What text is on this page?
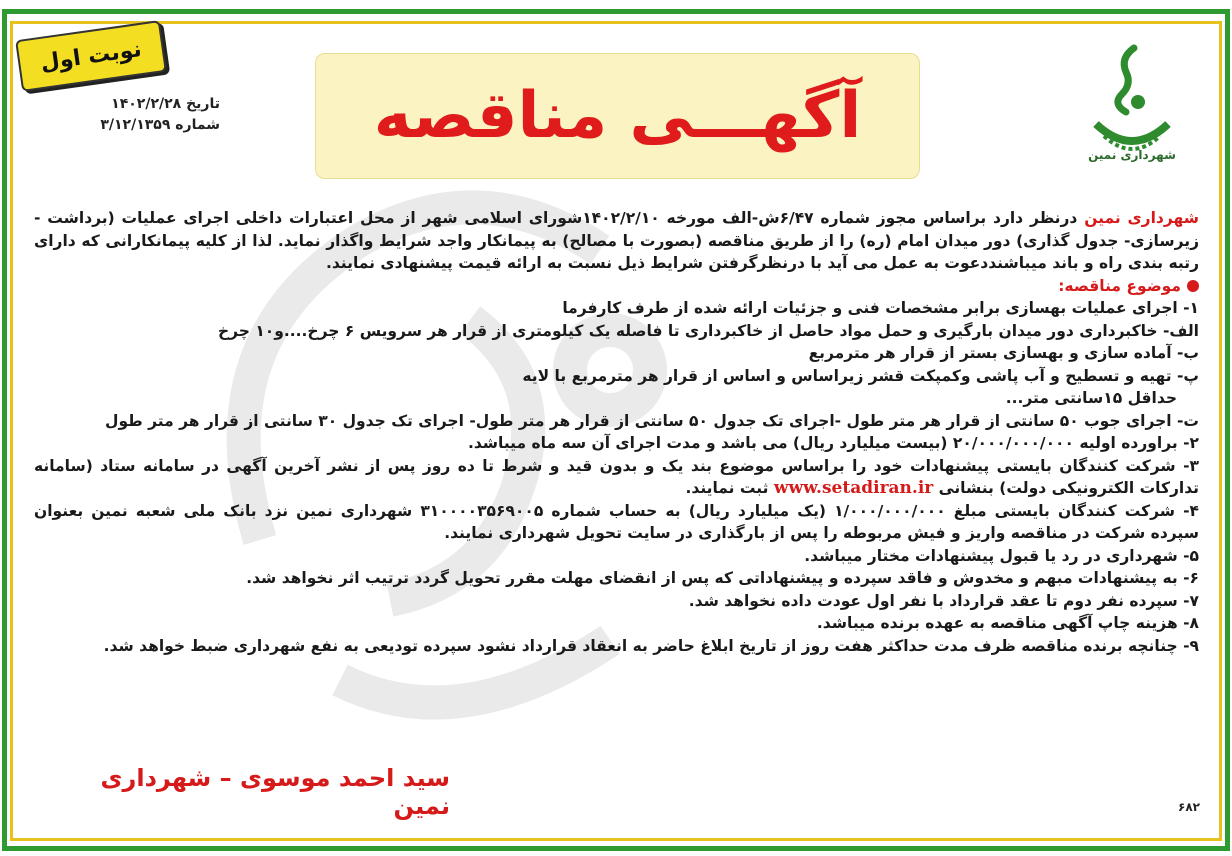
نوبت اول
تاریخ ۱۴۰۲/۲/۲۸
شماره ۳/۱۲/۱۳۵۹ آگهـــی مناقصه
شهرداری نمین

شهرداری نمین درنظر دارد براساس مجوز شماره ۶/۴۷ش-الف مورخه ۱۴۰۲/۲/۱۰شورای اسلامی شهر از محل اعتبارات داخلی اجرای عملیات (برداشت - زیرسازی- جدول گذاری) دور میدان امام (ره) را از طریق مناقصه (بصورت با مصالح) به پیمانکار واجد شرایط واگذار نماید. لذا از کلیه پیمانکارانی که دارای رتبه بندی راه و باند میباشنددعوت به عمل می آید با درنظرگرفتن شرایط ذیل نسبت به ارائه قیمت پیشنهادی نمایند.

موضوع مناقصه:

۱- اجرای عملیات بهسازی برابر مشخصات فنی و جزئیات ارائه شده از طرف کارفرما

الف- خاکبرداری دور میدان بارگیری و حمل مواد حاصل از خاکبرداری تا فاصله یک کیلومتری از قرار هر سرویس ۶ چرخ....و۱۰ چرخ

ب- آماده سازی و بهسازی بستر از قرار هر مترمربع

پ- تهیه و تسطیح و آب پاشی وکمپکت قشر زیراساس و اساس از قرار هر مترمربع با لایه

حداقل ۱۵سانتی متر...

ت- اجرای جوب ۵۰ سانتی از قرار هر متر طول -اجرای تک جدول ۵۰ سانتی از قرار هر متر طول- اجرای تک جدول ۳۰ سانتی از قرار هر متر طول

۲- براورده اولیه ۲۰/۰۰۰/۰۰۰/۰۰۰ (بیست میلیارد ریال) می باشد و مدت اجرای آن سه ماه میباشد.

۳- شرکت کنندگان بایستی پیشنهادات خود را براساس موضوع بند یک و بدون قید و شرط تا ده روز پس از نشر آخرین آگهی در سامانه ستاد (سامانه تدارکات الکترونیکی دولت) بنشانی www.setadiran.ir ثبت نمایند.

۴- شرکت کنندگان بایستی مبلغ ۱/۰۰۰/۰۰۰/۰۰۰ (یک میلیارد ریال) به حساب شماره ۳۱۰۰۰۰۳۵۶۹۰۰۵ شهرداری نمین نزد بانک ملی شعبه نمین بعنوان سپرده شرکت در مناقصه واریز و فیش مربوطه را پس از بارگذاری در سایت تحویل شهرداری نمایند.

۵- شهرداری در رد یا قبول پیشنهادات مختار میباشد.

۶- به پیشنهادات مبهم و مخدوش و فاقد سپرده و پیشنهاداتی که پس از انقضای مهلت مقرر تحویل گردد ترتیب اثر نخواهد شد.

۷- سپرده نفر دوم تا عقد قرارداد با نفر اول عودت داده نخواهد شد.

۸- هزینه چاپ آگهی مناقصه به عهده برنده میباشد.

۹- چنانچه برنده مناقصه ظرف مدت حداکثر هفت روز از تاریخ ابلاغ حاضر به انعقاد قرارداد نشود سپرده تودیعی به نفع شهرداری ضبط خواهد شد.

سید احمد موسوی – شهرداری نمین	۶۸۲
